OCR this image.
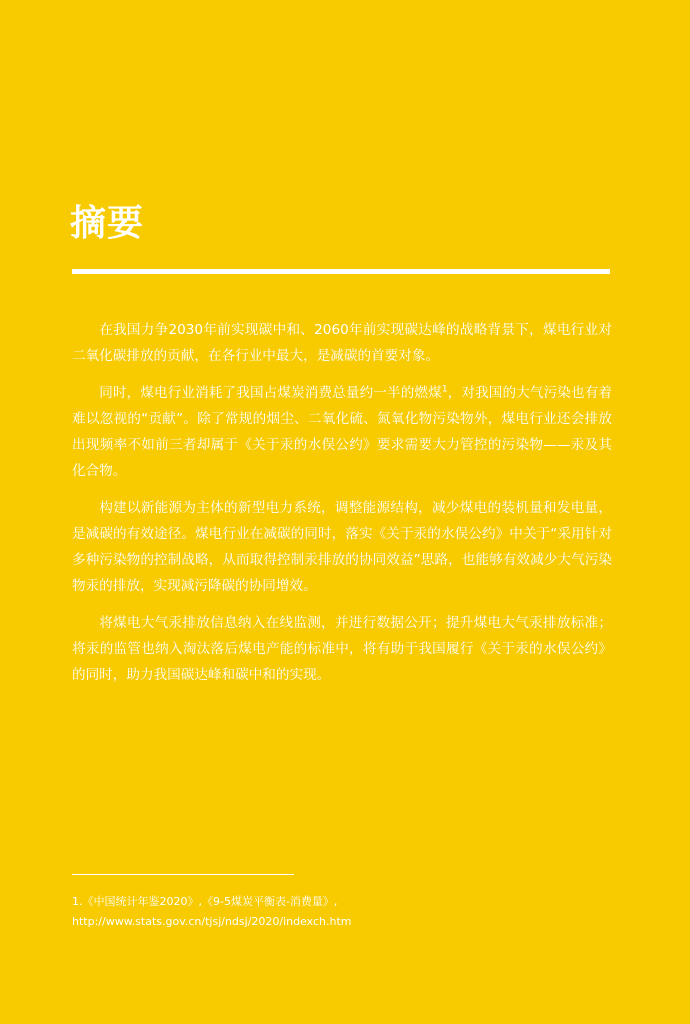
摘要

在我国力争2030年前实现碳中和、2060年前实现碳达峰的战略背景下，煤电行业对二氧化碳排放的贡献，在各行业中最大，是减碳的首要对象。

同时，煤电行业消耗了我国占煤炭消费总量约一半的燃煤$^1$，对我国的大气污染也有着难以忽视的“贡献”。除了常规的烟尘、二氧化硫、氮氧化物污染物外，煤电行业还会排放出现频率不如前三者却属于《关于汞的水俣公约》要求需要大力管控的污染物——汞及其化合物。

构建以新能源为主体的新型电力系统，调整能源结构，减少煤电的装机量和发电量，是减碳的有效途径。煤电行业在减碳的同时，落实《关于汞的水俣公约》中关于“采用针对多种污染物的控制战略，从而取得控制汞排放的协同效益”思路，也能够有效减少大气污染物汞的排放，实现减污降碳的协同增效。

将煤电大气汞排放信息纳入在线监测，并进行数据公开；提升煤电大气汞排放标准；将汞的监管也纳入淘汰落后煤电产能的标准中，将有助于我国履行《关于汞的水俣公约》的同时，助力我国碳达峰和碳中和的实现。

1.《中国统计年鉴2020》,《9-5煤炭平衡表-消费量》,
http://www.stats.gov.cn/tjsj/ndsj/2020/indexch.htm
